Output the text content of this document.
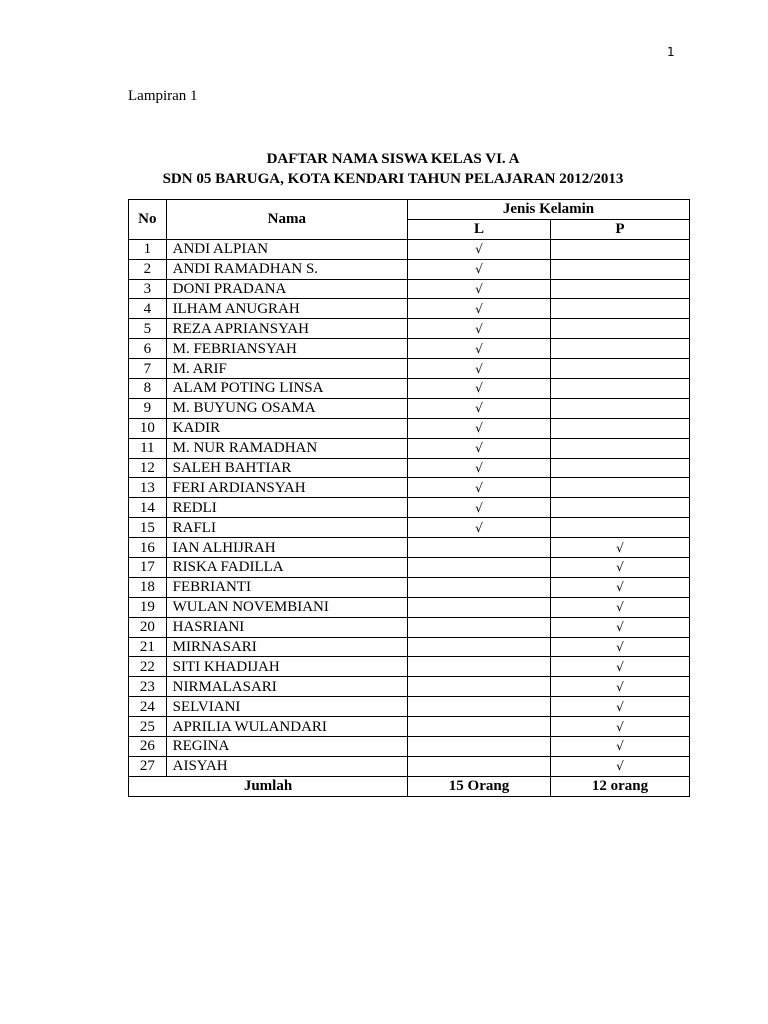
1
Lampiran 1
DAFTAR NAMA SISWA KELAS VI. A
SDN 05 BARUGA, KOTA KENDARI TAHUN PELAJARAN 2012/2013
No	Nama	Jenis Kelamin	
		L	P
1	ANDI ALPIAN	√	
2	ANDI RAMADHAN S.	√	
3	DONI PRADANA	√	
4	ILHAM ANUGRAH	√	
5	REZA APRIANSYAH	√	
6	M. FEBRIANSYAH	√	
7	M. ARIF	√	
8	ALAM POTING LINSA	√	
9	M. BUYUNG OSAMA	√	
10	KADIR	√	
11	M. NUR RAMADHAN	√	
12	SALEH BAHTIAR	√	
13	FERI ARDIANSYAH	√	
14	REDLI	√	
15	RAFLI	√	
16	IAN ALHIJRAH		√
17	RISKA FADILLA		√
18	FEBRIANTI		√
19	WULAN NOVEMBIANI		√
20	HASRIANI		√
21	MIRNASARI		√
22	SITI KHADIJAH		√
23	NIRMALASARI		√
24	SELVIANI		√
25	APRILIA WULANDARI		√
26	REGINA		√
27	AISYAH		√
Jumlah		15 Orang	12 orang
